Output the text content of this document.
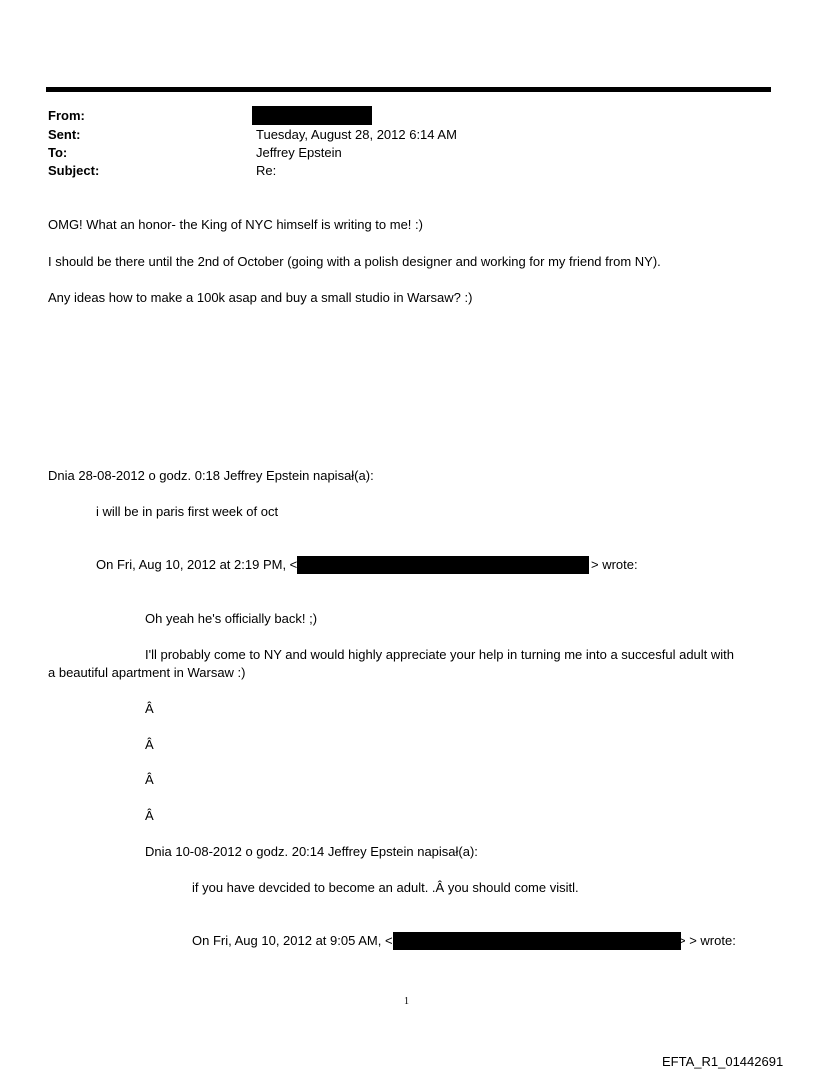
From:
Sent:	Tuesday, August 28, 2012 6:14 AM
To:	Jeffrey Epstein
Subject:	Re:
OMG! What an honor- the King of NYC himself is writing to me! :)
I should be there until the 2nd of October (going with a polish designer and working for my friend from NY).
Any ideas how to make a 100k asap and buy a small studio in Warsaw? :)
Dnia 28-08-2012 o godz. 0:18 Jeffrey Epstein napisał(a):
i will be in paris first week of oct
On Fri, Aug 10, 2012 at 2:19 PM, <	> wrote:
Oh yeah he's officially back! ;)
I'll probably come to NY and would highly appreciate your help in turning me into a succesful adult with
a beautiful apartment in Warsaw :)
Â
Â
Â
Â
Dnia 10-08-2012 o godz. 20:14 Jeffrey Epstein napisał(a):
if you have devcided to become an adult. .Â you should come visitl.
On Fri, Aug 10, 2012 at 9:05 AM, <	> > wrote:
1
EFTA_R1_01442691
